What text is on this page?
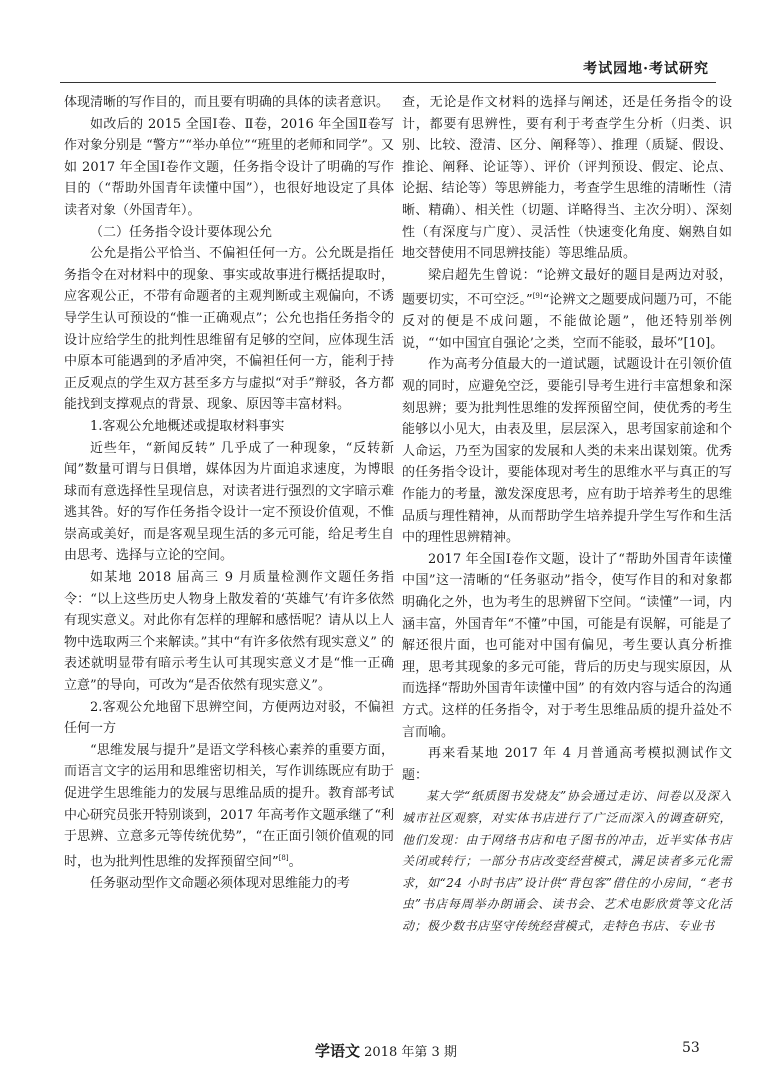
考试园地·考试研究

体现清晰的写作目的，而且要有明确的具体的读者意识。

如改后的 2015 全国Ⅰ卷、Ⅱ卷，2016 年全国Ⅱ卷写作对象分别是 “警方”“举办单位”“班里的老师和同学”。又如 2017 年全国Ⅰ卷作文题，任务指令设计了明确的写作目的（“帮助外国青年读懂中国”），也很好地设定了具体读者对象（外国青年）。

（二）任务指令设计要体现公允

公允是指公平恰当、不偏袒任何一方。公允既是指任务指令在对材料中的现象、事实或故事进行概括提取时，应客观公正，不带有命题者的主观判断或主观偏向，不诱导学生认可预设的“惟一正确观点”；公允也指任务指令的设计应给学生的批判性思维留有足够的空间，应体现生活中原本可能遇到的矛盾冲突，不偏袒任何一方，能利于持正反观点的学生双方甚至多方与虚拟“对手”辩驳，各方都能找到支撑观点的背景、现象、原因等丰富材料。

1.客观公允地概述或提取材料事实

近些年，“新闻反转” 几乎成了一种现象，“反转新闻”数量可谓与日俱增，媒体因为片面追求速度，为博眼球而有意选择性呈现信息，对读者进行强烈的文字暗示难逃其咎。好的写作任务指令设计一定不预设价值观，不惟崇高或美好，而是客观呈现生活的多元可能，给足考生自由思考、选择与立论的空间。

如某地 2018 届高三 9 月质量检测作文题任务指令：“以上这些历史人物身上散发着的‘英雄气’有许多依然有现实意义。对此你有怎样的理解和感悟呢？请从以上人物中选取两三个来解读。”其中“有许多依然有现实意义” 的表述就明显带有暗示考生认可其现实意义才是“惟一正确立意”的导向，可改为“是否依然有现实意义”。

2.客观公允地留下思辨空间，方便两边对驳，不偏袒任何一方

“思维发展与提升”是语文学科核心素养的重要方面，而语言文字的运用和思维密切相关，写作训练既应有助于促进学生思维能力的发展与思维品质的提升。教育部考试中心研究员张开特别谈到，2017 年高考作文题承继了“利于思辨、立意多元等传统优势”，“在正面引领价值观的同时，也为批判性思维的发挥预留空间”[8]。

任务驱动型作文命题必须体现对思维能力的考

查，无论是作文材料的选择与阐述，还是任务指令的设计，都要有思辨性，要有利于考查学生分析（归类、识别、比较、澄清、区分、阐释等）、推理（质疑、假设、推论、阐释、论证等）、评价（评判预设、假定、论点、论据、结论等）等思辨能力，考查学生思维的清晰性（清晰、精确）、相关性（切题、详略得当、主次分明）、深刻性（有深度与广度）、灵活性（快速变化角度、娴熟自如地交替使用不同思辨技能）等思维品质。

梁启超先生曾说：“论辨文最好的题目是两边对驳，题要切实，不可空泛。”[9]“论辨文之题要成问题乃可，不能反对的便是不成问题，不能做论题”，他还特别举例说，“‘如中国宜自强论’之类，空而不能驳，最坏”[10]。

作为高考分值最大的一道试题，试题设计在引领价值观的同时，应避免空泛，要能引导考生进行丰富想象和深刻思辨；要为批判性思维的发挥预留空间，使优秀的考生能够以小见大，由表及里，层层深入，思考国家前途和个人命运，乃至为国家的发展和人类的未来出谋划策。优秀的任务指令设计，要能体现对考生的思维水平与真正的写作能力的考量，激发深度思考，应有助于培养考生的思维品质与理性精神，从而帮助学生培养提升学生写作和生活中的理性思辨精神。

2017 年全国Ⅰ卷作文题，设计了“帮助外国青年读懂中国”这一清晰的“任务驱动”指令，使写作目的和对象都明确化之外，也为考生的思辨留下空间。“读懂”一词，内涵丰富，外国青年“不懂”中国，可能是有误解，可能是了解还很片面，也可能对中国有偏见，考生要认真分析推理，思考其现象的多元可能，背后的历史与现实原因，从而选择“帮助外国青年读懂中国” 的有效内容与适合的沟通方式。这样的任务指令，对于考生思维品质的提升益处不言而喻。

再来看某地 2017 年 4 月普通高考模拟测试作文题：

某大学“纸质图书发烧友”协会通过走访、问卷以及深入城市社区观察，对实体书店进行了广泛而深入的调查研究，他们发现：由于网络书店和电子图书的冲击，近半实体书店关闭或转行；一部分书店改变经营模式，满足读者多元化需求，如“24 小时书店”设计供“背包客”借住的小房间，“老书虫”书店每周举办朗诵会、读书会、艺术电影欣赏等文化活动；极少数书店坚守传统经营模式，走特色书店、专业书

学语文 2018 年第 3 期	53
